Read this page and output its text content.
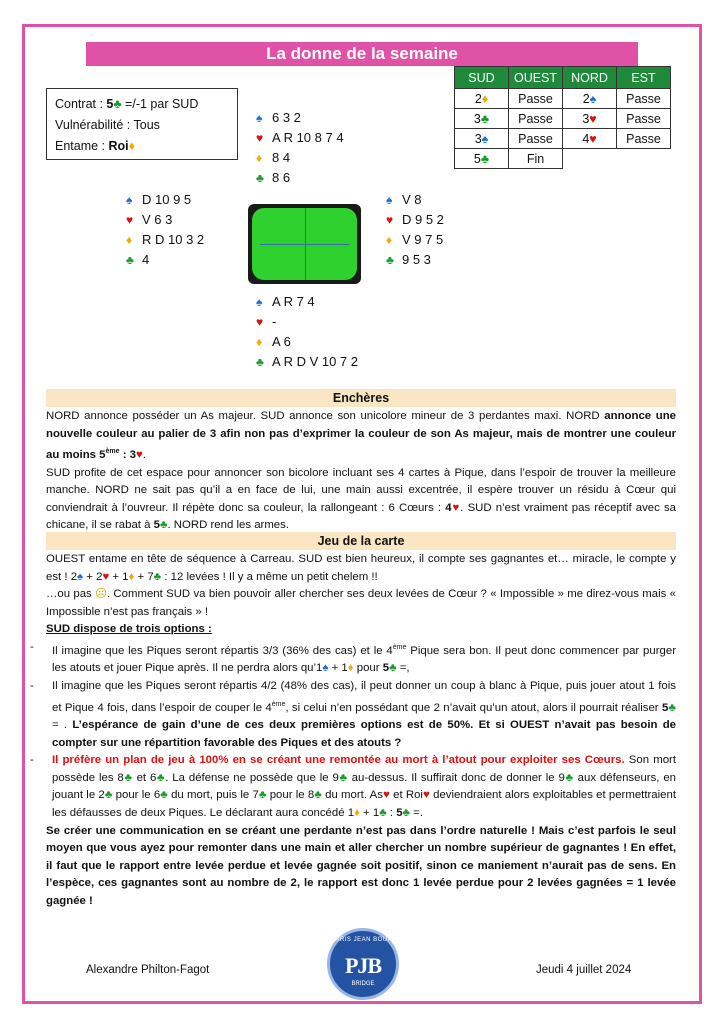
La donne de la semaine
Contrat : 5♣ =/-1 par SUD
Vulnérabilité : Tous
Entame : Roi♦
SUD	OUEST	NORD	EST
2♦	Passe	2♠	Passe
3♣	Passe	3♥	Passe
3♠	Passe	4♥	Passe
5♣	Fin		
♠ 6 3 2
♥ A R 10 8 7 4
♦ 8 4
♣ 8 6
♠ D 10 9 5
♥ V 6 3
♦ R D 10 3 2
♣ 4
♠ V 8
♥ D 9 5 2
♦ V 9 7 5
♣ 9 5 3
♠ A R 7 4
♥ -
♦ A 6
♣ A R D V 10 7 2
Enchères

NORD annonce posséder un As majeur. SUD annonce son unicolore mineur de 3 perdantes maxi. NORD annonce une nouvelle couleur au palier de 3 afin non pas d’exprimer la couleur de son As majeur, mais de montrer une couleur au moins 5ème : 3♥.

SUD profite de cet espace pour annoncer son bicolore incluant ses 4 cartes à Pique, dans l’espoir de trouver la meilleure manche. NORD ne sait pas qu’il a en face de lui, une main aussi excentrée, il espère trouver un résidu à Cœur qui conviendrait à l’ouvreur. Il répète donc sa couleur, la rallongeant : 6 Cœurs : 4♥. SUD n’est vraiment pas réceptif avec sa chicane, il se rabat à 5♣. NORD rend les armes.

Jeu de la carte

OUEST entame en tête de séquence à Carreau. SUD est bien heureux, il compte ses gagnantes et… miracle, le compte y est ! 2♠ + 2♥ + 1♦ + 7♣ : 12 levées ! Il y a même un petit chelem !!

…ou pas ☹. Comment SUD va bien pouvoir aller chercher ses deux levées de Cœur ? « Impossible » me direz-vous mais « Impossible n’est pas français » !

SUD dispose de trois options :

- Il imagine que les Piques seront répartis 3/3 (36% des cas) et le 4ème Pique sera bon. Il peut donc commencer par purger les atouts et jouer Pique après. Il ne perdra alors qu’1♠ + 1♦ pour 5♣ =,

- Il imagine que les Piques seront répartis 4/2 (48% des cas), il peut donner un coup à blanc à Pique, puis jouer atout 1 fois et Pique 4 fois, dans l’espoir de couper le 4ème, si celui n’en possédant que 2 n’avait qu’un atout, alors il pourrait réaliser 5♣ = . L’espérance de gain d’une de ces deux premières options est de 50%. Et si OUEST n’avait pas besoin de compter sur une répartition favorable des Piques et des atouts ?

- Il préfère un plan de jeu à 100% en se créant une remontée au mort à l’atout pour exploiter ses Cœurs. Son mort possède les 8♣ et 6♣. La défense ne possède que le 9♣ au-dessus. Il suffirait donc de donner le 9♣ aux défenseurs, en jouant le 2♣ pour le 6♣ du mort, puis le 7♣ pour le 8♣ du mort. As♥ et Roi♥ deviendraient alors exploitables et permettraient les défausses de deux Piques. Le déclarant aura concédé 1♦ + 1♣ : 5♣ =.

Se créer une communication en se créant une perdante n’est pas dans l’ordre naturelle ! Mais c’est parfois le seul moyen que vous ayez pour remonter dans une main et aller chercher un nombre supérieur de gagnantes ! En effet, il faut que le rapport entre levée perdue et levée gagnée soit positif, sinon ce maniement n’aurait pas de sens. En l’espèce, ces gagnantes sont au nombre de 2, le rapport est donc 1 levée perdue pour 2 levées gagnées = 1 levée gagnée !

Alexandre Philton-Fagot
PARIS JEAN BOUIN
PJB
BRIDGE
Jeudi 4 juillet 2024
